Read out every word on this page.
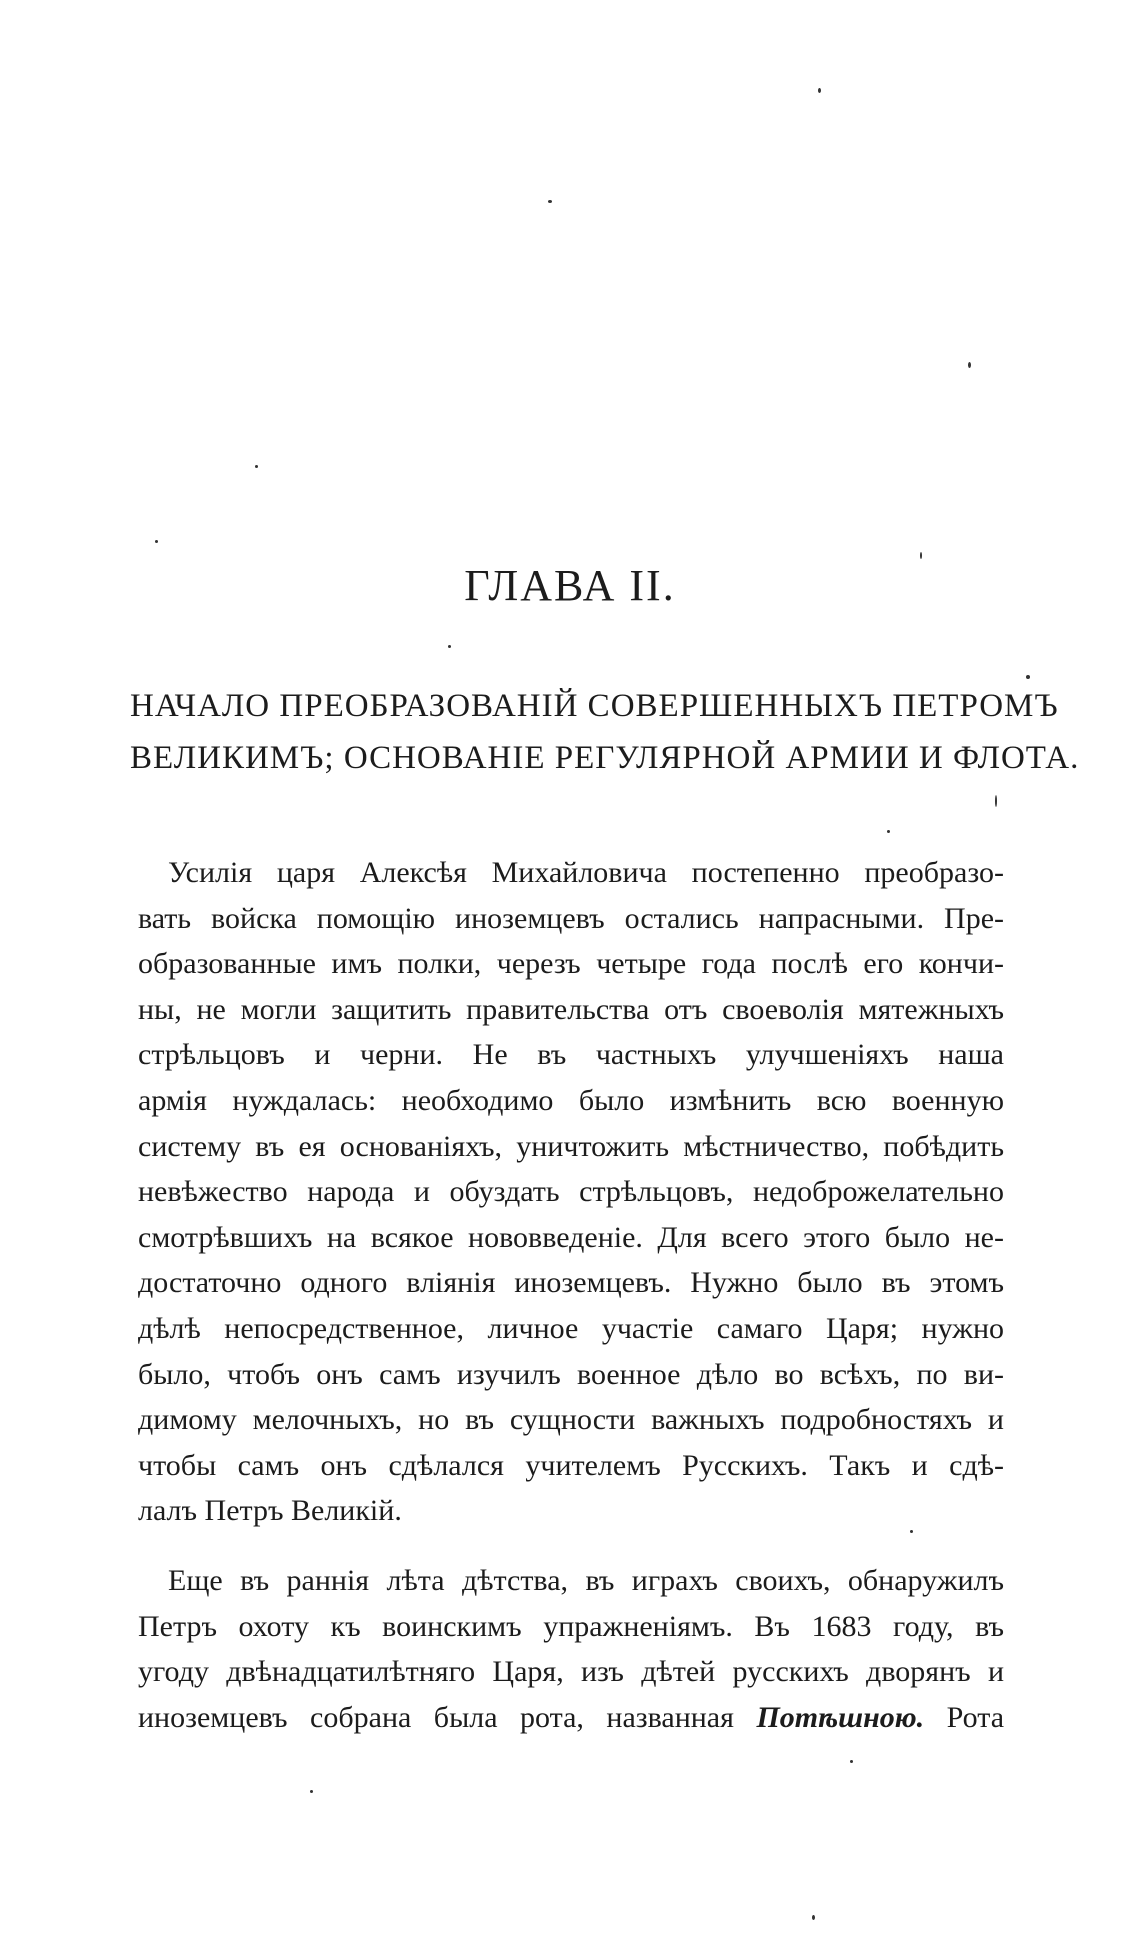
ГЛАВА II.
НАЧАЛО ПРЕОБРАЗОВАНІЙ СОВЕРШЕННЫХЪ ПЕТРОМЪ
ВЕЛИКИМЪ; ОСНОВАНІЕ РЕГУЛЯРНОЙ АРМИИ И ФЛОТА.
Усилія царя Алексѣя Михайловича постепенно преобразо-
вать войска помощію иноземцевъ остались напрасными. Пре-
образованные имъ полки, черезъ четыре года послѣ его кончи-
ны, не могли защитить правительства отъ своеволія мятежныхъ
стрѣльцовъ и черни. Не въ частныхъ улучшеніяхъ наша
армія нуждалась: необходимо было измѣнить всю военную
систему въ ея основаніяхъ, уничтожить мѣстничество, побѣдить
невѣжество народа и обуздать стрѣльцовъ, недоброжелательно
смотрѣвшихъ на всякое нововведеніе. Для всего этого было не-
достаточно одного вліянія иноземцевъ. Нужно было въ этомъ
дѣлѣ непосредственное, личное участіе самаго Царя; нужно
было, чтобъ онъ самъ изучилъ военное дѣло во всѣхъ, по ви-
димому мелочныхъ, но въ сущности важныхъ подробностяхъ и
чтобы самъ онъ сдѣлался учителемъ Русскихъ. Такъ и сдѣ-
лалъ Петръ Великій.
Еще въ раннія лѣта дѣтства, въ играхъ своихъ, обнаружилъ
Петръ охоту къ воинскимъ упражненіямъ. Въ 1683 году, въ
угоду двѣнадцатилѣтняго Царя, изъ дѣтей русскихъ дворянъ и
иноземцевъ собрана была рота, названная Потѣшною. Рота
